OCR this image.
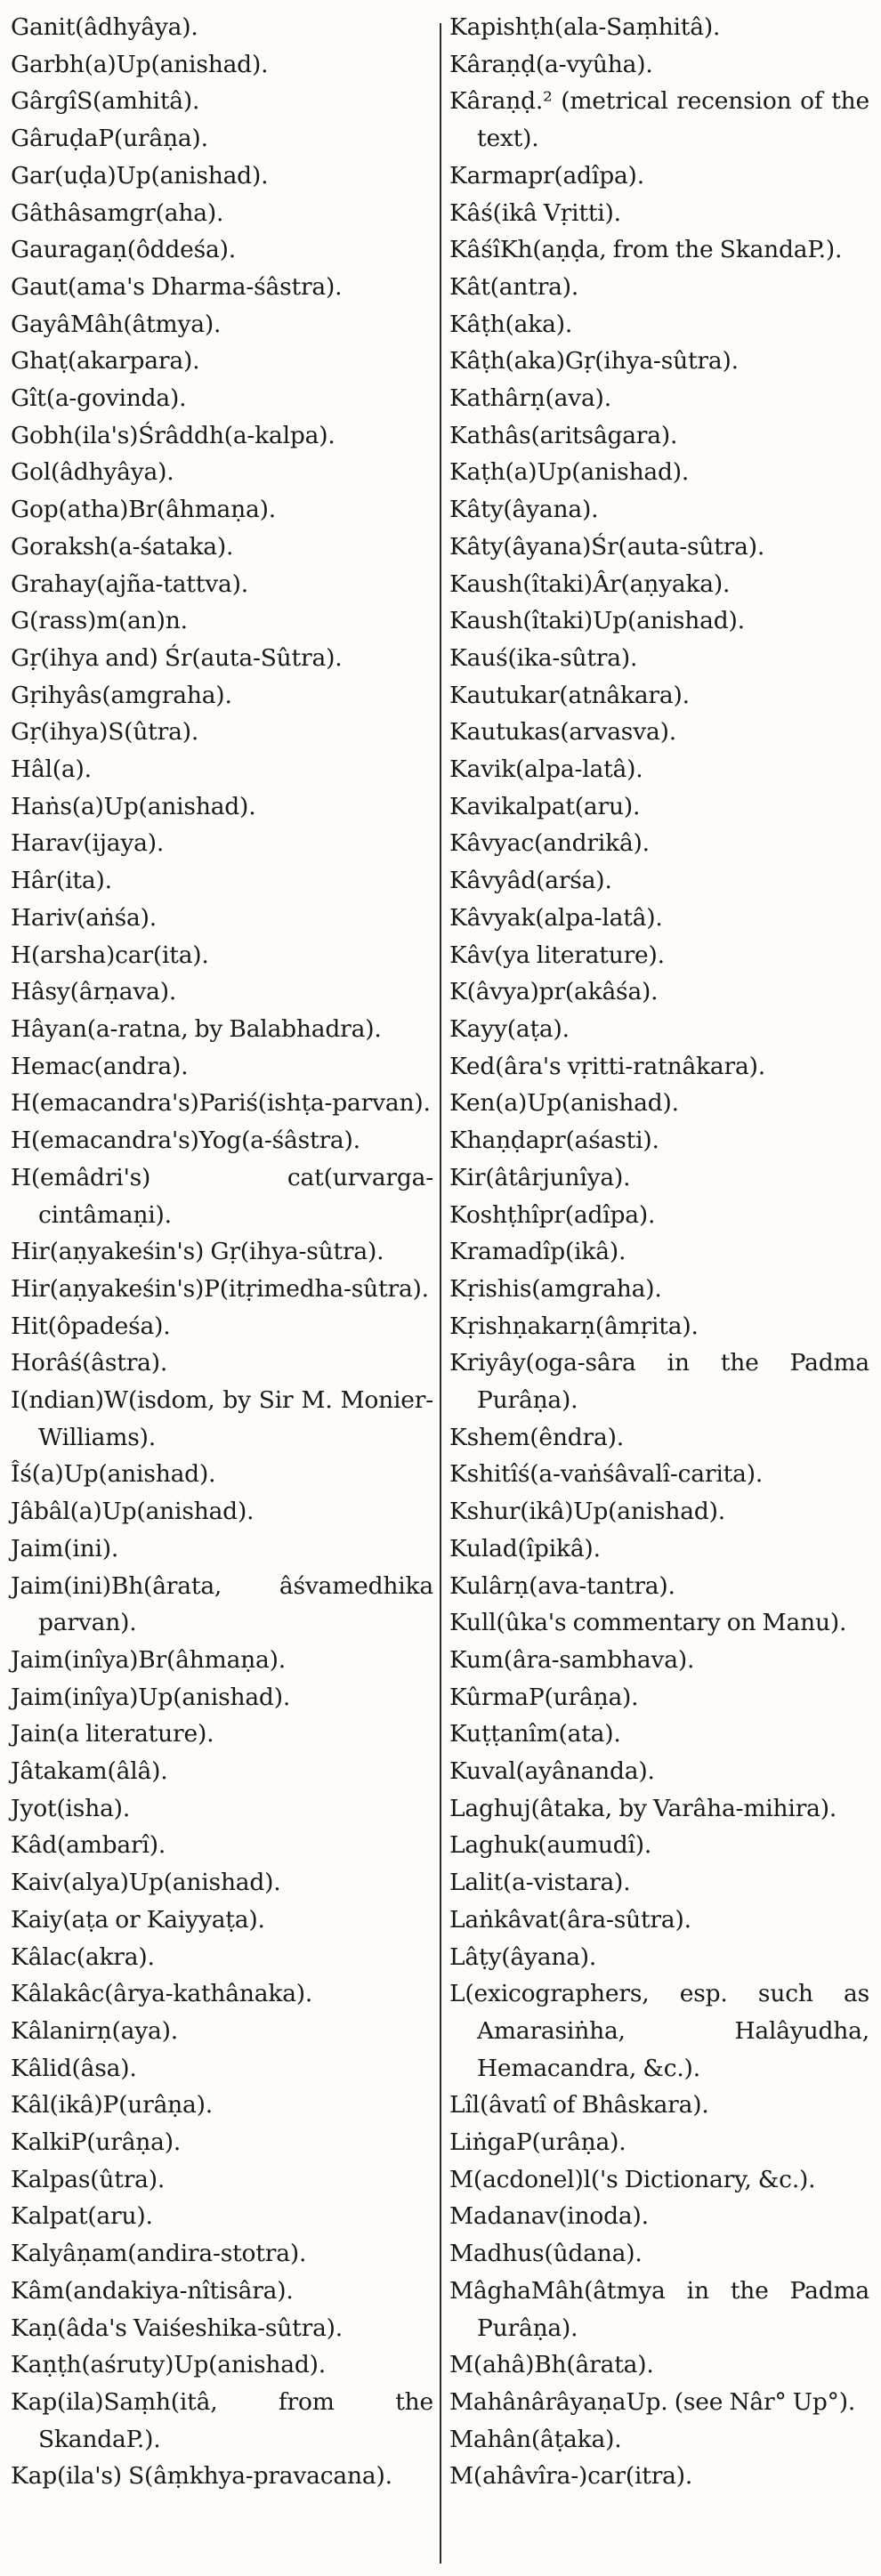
Ganit(âdhyâya).
Garbh(a)Up(anishad).
GârgîS(amhitâ).
GâruḍaP(urâṇa).
Gar(uḍa)Up(anishad).
Gâthâsamgr(aha).
Gauragaṇ(ôddeśa).
Gaut(ama's Dharma-śâstra).
GayâMâh(âtmya).
Ghaṭ(akarpara).
Gît(a-govinda).
Gobh(ila's)Śrâddh(a-kalpa).
Gol(âdhyâya).
Gop(atha)Br(âhmaṇa).
Goraksh(a-śataka).
Grahay(ajña-tattva).
G(rass)m(an)n.
Gṛ(ihya and) Śr(auta-Sûtra).
Gṛihyâs(amgraha).
Gṛ(ihya)S(ûtra).
Hâl(a).
Haṅs(a)Up(anishad).
Harav(ijaya).
Hâr(ita).
Hariv(aṅśa).
H(arsha)car(ita).
Hâsy(ârṇava).
Hâyan(a-ratna, by Balabhadra).
Hemac(andra).
H(emacandra's)Pariś(ishṭa-parvan).
H(emacandra's)Yog(a-śâstra).
H(emâdri's) cat(urvarga-cintâmaṇi).
Hir(aṇyakeśin's) Gṛ(ihya-sûtra).
Hir(aṇyakeśin's)P(itṛimedha-sûtra).
Hit(ôpadeśa).
Horâś(âstra).
I(ndian)W(isdom, by Sir M. Monier-Williams).
Îś(a)Up(anishad).
Jâbâl(a)Up(anishad).
Jaim(ini).
Jaim(ini)Bh(ârata, âśvamedhika parvan).
Jaim(inîya)Br(âhmaṇa).
Jaim(inîya)Up(anishad).
Jain(a literature).
Jâtakam(âlâ).
Jyot(isha).
Kâd(ambarî).
Kaiv(alya)Up(anishad).
Kaiy(aṭa or Kaiyyaṭa).
Kâlac(akra).
Kâlakâc(ârya-kathânaka).
Kâlanirṇ(aya).
Kâlid(âsa).
Kâl(ikâ)P(urâṇa).
KalkiP(urâṇa).
Kalpas(ûtra).
Kalpat(aru).
Kalyâṇam(andira-stotra).
Kâm(andakiya-nîtisâra).
Kaṇ(âda's Vaiśeshika-sûtra).
Kaṇṭh(aśruty)Up(anishad).
Kap(ila)Saṃh(itâ, from the SkandaP.).
Kap(ila's) S(âṃkhya-pravacana).
Kapishṭh(ala-Saṃhitâ).
Kâraṇḍ(a-vyûha).
Kâraṇḍ.² (metrical recension of the text).
Karmapr(adîpa).
Kâś(ikâ Vṛitti).
KâśîKh(aṇḍa, from the SkandaP.).
Kât(antra).
Kâṭh(aka).
Kâṭh(aka)Gṛ(ihya-sûtra).
Kathârṇ(ava).
Kathâs(aritsâgara).
Kaṭh(a)Up(anishad).
Kâty(âyana).
Kâty(âyana)Śr(auta-sûtra).
Kaush(îtaki)Âr(aṇyaka).
Kaush(îtaki)Up(anishad).
Kauś(ika-sûtra).
Kautukar(atnâkara).
Kautukas(arvasva).
Kavik(alpa-latâ).
Kavikalpat(aru).
Kâvyac(andrikâ).
Kâvyâd(arśa).
Kâvyak(alpa-latâ).
Kâv(ya literature).
K(âvya)pr(akâśa).
Kayy(aṭa).
Ked(âra's vṛitti-ratnâkara).
Ken(a)Up(anishad).
Khaṇḍapr(aśasti).
Kir(âtârjunîya).
Koshṭhîpr(adîpa).
Kramadîp(ikâ).
Kṛishis(amgraha).
Kṛishṇakarṇ(âmṛita).
Kriyây(oga-sâra in the Padma Purâṇa).
Kshem(êndra).
Kshitîś(a-vaṅśâvalî-carita).
Kshur(ikâ)Up(anishad).
Kulad(îpikâ).
Kulârṇ(ava-tantra).
Kull(ûka's commentary on Manu).
Kum(âra-sambhava).
KûrmaP(urâṇa).
Kuṭṭanîm(ata).
Kuval(ayânanda).
Laghuj(âtaka, by Varâha-mihira).
Laghuk(aumudî).
Lalit(a-vistara).
Laṅkâvat(âra-sûtra).
Lâṭy(âyana).
L(exicographers, esp. such as Amarasiṅha, Halâyudha, Hemacandra, &c.).
Lîl(âvatî of Bhâskara).
LiṅgaP(urâṇa).
M(acdonel)l('s Dictionary, &c.).
Madanav(inoda).
Madhus(ûdana).
MâghaMâh(âtmya in the Padma Purâṇa).
M(ahâ)Bh(ârata).
MahânârâyaṇaUp. (see Nâr° Up°).
Mahân(âṭaka).
M(ahâvîra-)car(itra).
